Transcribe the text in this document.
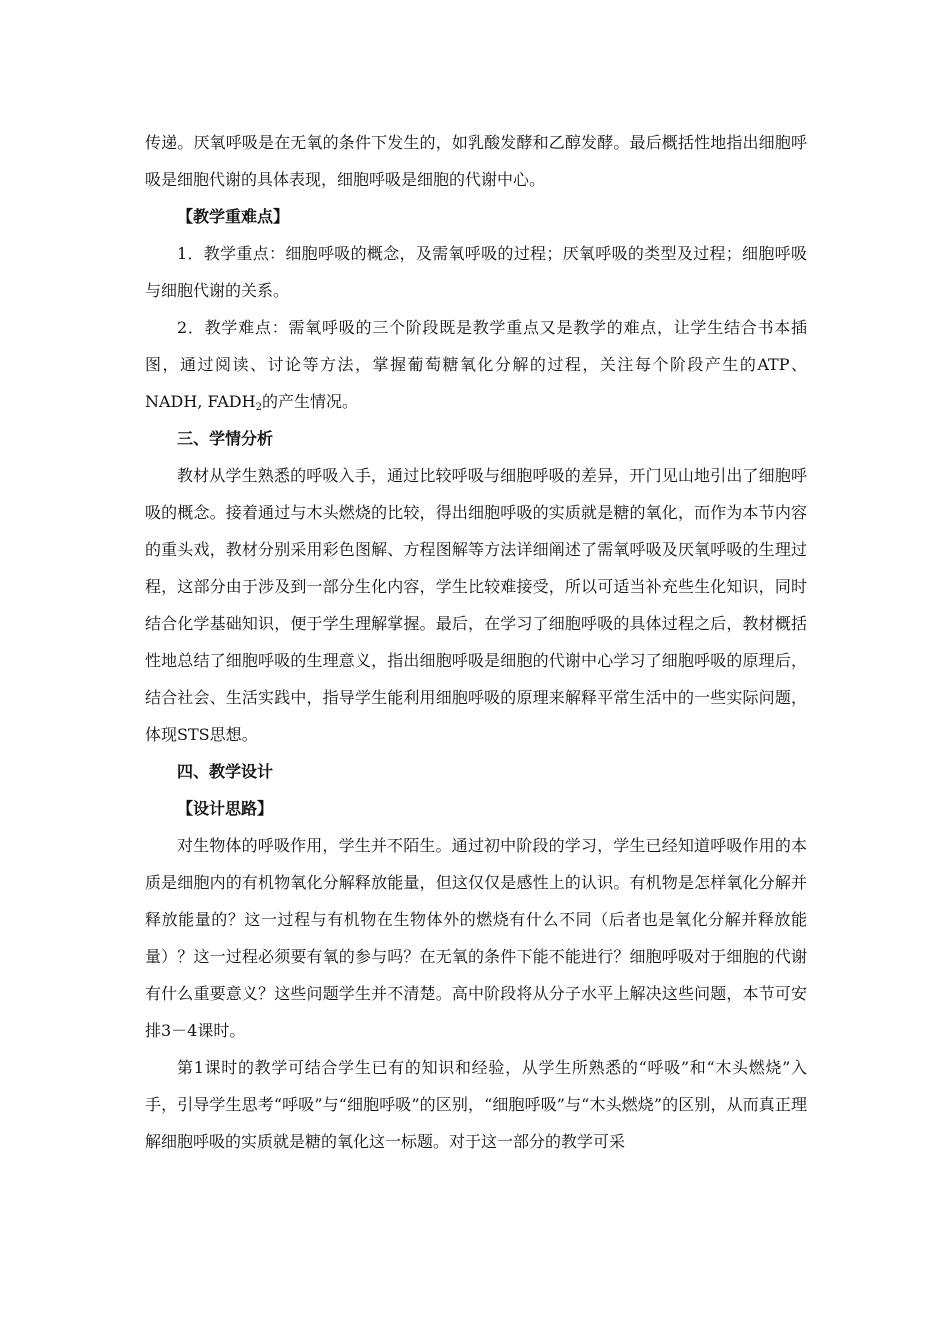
传递。厌氧呼吸是在无氧的条件下发生的，如乳酸发酵和乙醇发酵。最后概括性地指出细胞呼吸是细胞代谢的具体表现，细胞呼吸是细胞的代谢中心。

【教学重难点】

1．教学重点：细胞呼吸的概念，及需氧呼吸的过程；厌氧呼吸的类型及过程；细胞呼吸与细胞代谢的关系。

2．教学难点：需氧呼吸的三个阶段既是教学重点又是教学的难点，让学生结合书本插图，通过阅读、讨论等方法，掌握葡萄糖氧化分解的过程，关注每个阶段产生的ATP、NADH, $FADH_2$的产生情况。

三、学情分析

教材从学生熟悉的呼吸入手，通过比较呼吸与细胞呼吸的差异，开门见山地引出了细胞呼吸的概念。接着通过与木头燃烧的比较，得出细胞呼吸的实质就是糖的氧化，而作为本节内容的重头戏，教材分别采用彩色图解、方程图解等方法详细阐述了需氧呼吸及厌氧呼吸的生理过程，这部分由于涉及到一部分生化内容，学生比较难接受，所以可适当补充些生化知识，同时结合化学基础知识，便于学生理解掌握。最后，在学习了细胞呼吸的具体过程之后，教材概括性地总结了细胞呼吸的生理意义，指出细胞呼吸是细胞的代谢中心学习了细胞呼吸的原理后，结合社会、生活实践中，指导学生能利用细胞呼吸的原理来解释平常生活中的一些实际问题，体现STS思想。

四、教学设计

【设计思路】

对生物体的呼吸作用，学生并不陌生。通过初中阶段的学习，学生已经知道呼吸作用的本质是细胞内的有机物氧化分解释放能量，但这仅仅是感性上的认识。有机物是怎样氧化分解并释放能量的？这一过程与有机物在生物体外的燃烧有什么不同（后者也是氧化分解并释放能量）？这一过程必须要有氧的参与吗？在无氧的条件下能不能进行？细胞呼吸对于细胞的代谢有什么重要意义？这些问题学生并不清楚。高中阶段将从分子水平上解决这些问题，本节可安排3－4课时。

第1课时的教学可结合学生已有的知识和经验，从学生所熟悉的“呼吸”和“木头燃烧”入手，引导学生思考“呼吸”与“细胞呼吸”的区别，“细胞呼吸”与“木头燃烧”的区别，从而真正理解细胞呼吸的实质就是糖的氧化这一标题。对于这一部分的教学可采
